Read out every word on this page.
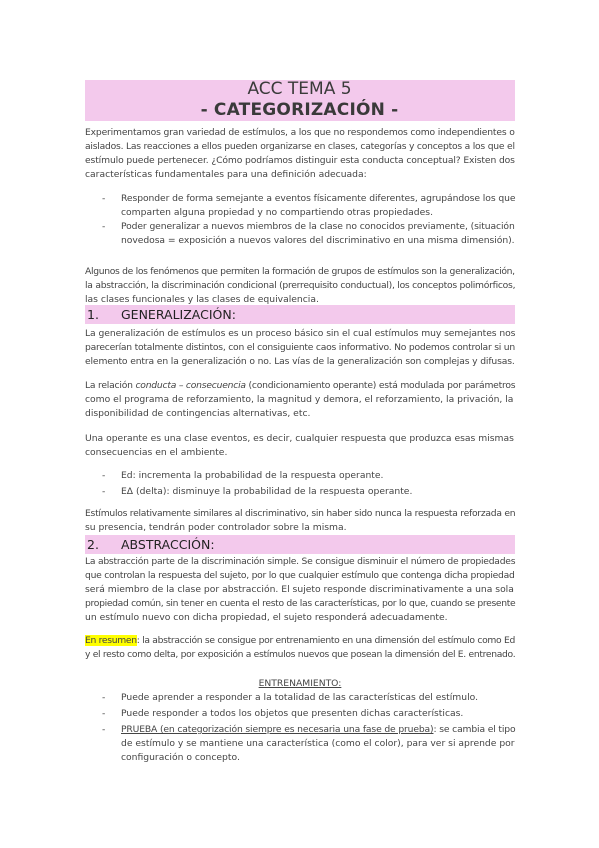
ACC TEMA 5
- CATEGORIZACIÓN -
Experimentamos gran variedad de estímulos, a los que no respondemos como independientes o
aislados. Las reacciones a ellos pueden organizarse en clases, categorías y conceptos a los que el
estímulo puede pertenecer. ¿Cómo podríamos distinguir esta conducta conceptual? Existen dos
características fundamentales para una definición adecuada:
- Responder de forma semejante a eventos físicamente diferentes, agrupándose los que
comparten alguna propiedad y no compartiendo otras propiedades.
- Poder generalizar a nuevos miembros de la clase no conocidos previamente, (situación
novedosa = exposición a nuevos valores del discriminativo en una misma dimensión).
Algunos de los fenómenos que permiten la formación de grupos de estímulos son la generalización,
la abstracción, la discriminación condicional (prerrequisito conductual), los conceptos polimórficos,
las clases funcionales y las clases de equivalencia.
1. GENERALIZACIÓN:
La generalización de estímulos es un proceso básico sin el cual estímulos muy semejantes nos
parecerían totalmente distintos, con el consiguiente caos informativo. No podemos controlar si un
elemento entra en la generalización o no. Las vías de la generalización son complejas y difusas.
La relación conducta – consecuencia (condicionamiento operante) está modulada por parámetros
como el programa de reforzamiento, la magnitud y demora, el reforzamiento, la privación, la
disponibilidad de contingencias alternativas, etc.
Una operante es una clase eventos, es decir, cualquier respuesta que produzca esas mismas
consecuencias en el ambiente.
- Ed: incrementa la probabilidad de la respuesta operante.
- EΔ (delta): disminuye la probabilidad de la respuesta operante.
Estímulos relativamente similares al discriminativo, sin haber sido nunca la respuesta reforzada en
su presencia, tendrán poder controlador sobre la misma.
2. ABSTRACCIÓN:
La abstracción parte de la discriminación simple. Se consigue disminuir el número de propiedades
que controlan la respuesta del sujeto, por lo que cualquier estímulo que contenga dicha propiedad
será miembro de la clase por abstracción. El sujeto responde discriminativamente a una sola
propiedad común, sin tener en cuenta el resto de las características, por lo que, cuando se presente
un estímulo nuevo con dicha propiedad, el sujeto responderá adecuadamente.
En resumen: la abstracción se consigue por entrenamiento en una dimensión del estímulo como Ed
y el resto como delta, por exposición a estímulos nuevos que posean la dimensión del E. entrenado.
ENTRENAMIENTO:
- Puede aprender a responder a la totalidad de las características del estímulo.
- Puede responder a todos los objetos que presenten dichas características.
- PRUEBA (en categorización siempre es necesaria una fase de prueba): se cambia el tipo
de estímulo y se mantiene una característica (como el color), para ver si aprende por
configuración o concepto.
